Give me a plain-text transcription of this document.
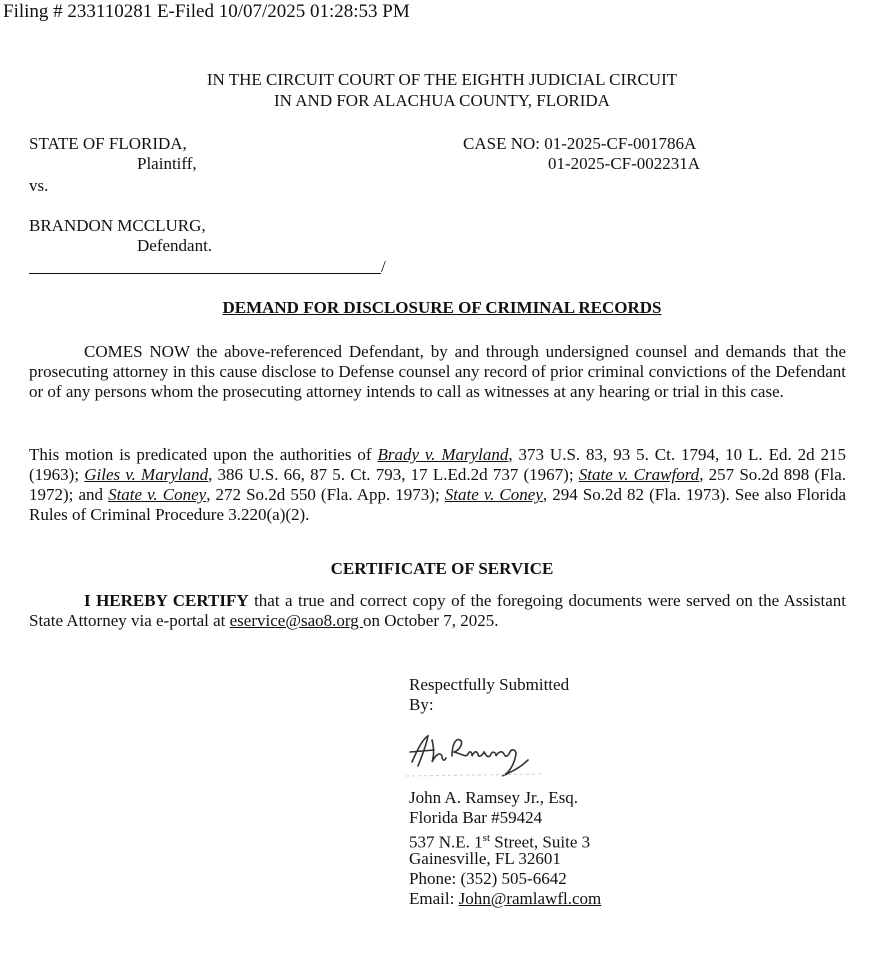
Filing # 233110281 E-Filed 10/07/2025 01:28:53 PM
IN THE CIRCUIT COURT OF THE EIGHTH JUDICIAL CIRCUIT
IN AND FOR ALACHUA COUNTY, FLORIDA
STATE OF FLORIDA,
Plaintiff,
vs.
BRANDON MCCLURG,
Defendant.
/
CASE NO: 01-2025-CF-001786A
01-2025-CF-002231A
DEMAND FOR DISCLOSURE OF CRIMINAL RECORDS
COMES NOW the above-referenced Defendant, by and through undersigned counsel and demands that the prosecuting attorney in this cause disclose to Defense counsel any record of prior criminal convictions of the Defendant or of any persons whom the prosecuting attorney intends to call as witnesses at any hearing or trial in this case.
This motion is predicated upon the authorities of Brady v. Maryland, 373 U.S. 83, 93 5. Ct. 1794, 10 L. Ed. 2d 215 (1963); Giles v. Maryland, 386 U.S. 66, 87 5. Ct. 793, 17 L.Ed.2d 737 (1967); State v. Crawford, 257 So.2d 898 (Fla. 1972); and State v. Coney, 272 So.2d 550 (Fla. App. 1973); State v. Coney, 294 So.2d 82 (Fla. 1973). See also Florida Rules of Criminal Procedure 3.220(a)(2).
CERTIFICATE OF SERVICE
I HEREBY CERTIFY that a true and correct copy of the foregoing documents were served on the Assistant State Attorney via e-portal at eservice@sao8.org on October 7, 2025.
Respectfully Submitted
By:
John A. Ramsey Jr., Esq.
Florida Bar #59424
537 N.E. 1st Street, Suite 3
Gainesville, FL 32601
Phone: (352) 505-6642
Email: John@ramlawfl.com
